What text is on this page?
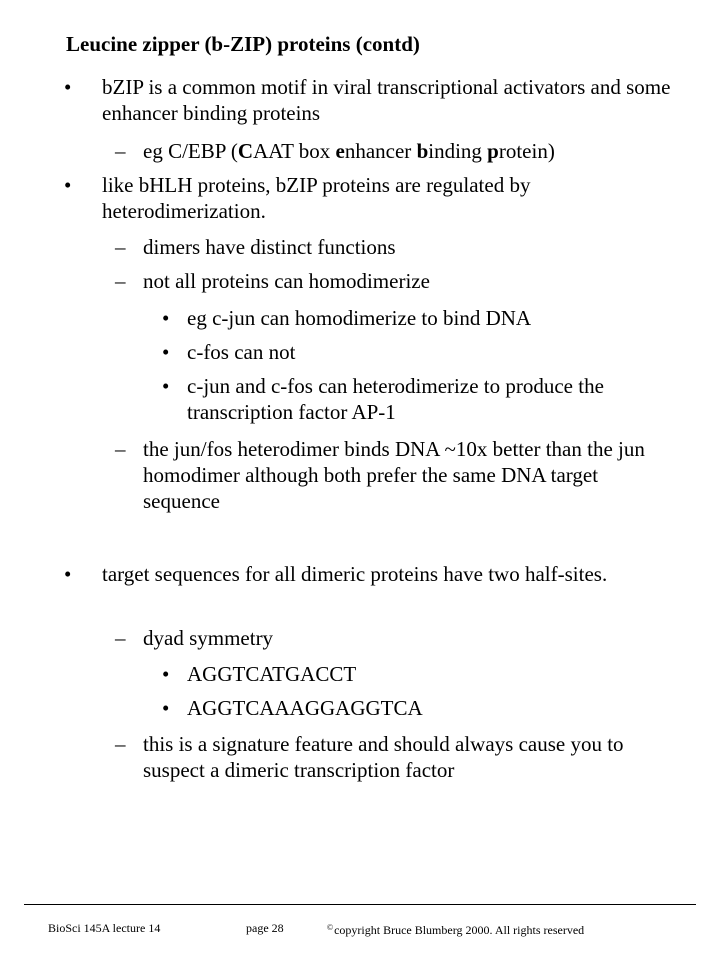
Leucine zipper (b-ZIP) proteins (contd)
• bZIP is a common motif in viral transcriptional activators and some enhancer binding proteins
– eg C/EBP (CAAT box enhancer binding protein)
• like bHLH proteins, bZIP proteins are regulated by heterodimerization.
– dimers have distinct functions
– not all proteins can homodimerize
• eg c-jun can homodimerize to bind DNA
• c-fos can not
• c-jun and c-fos can heterodimerize to produce the transcription factor AP-1
– the jun/fos heterodimer binds DNA ~10x better than the jun homodimer although both prefer the same DNA target sequence
• target sequences for all dimeric proteins have two half-sites.
– dyad symmetry
• AGGTCATGACCT
• AGGTCAAAGGAGGTCA
– this is a signature feature and should always cause you to suspect a dimeric transcription factor
BioSci 145A lecture 14	page 28	©copyright Bruce Blumberg 2000. All rights reserved
